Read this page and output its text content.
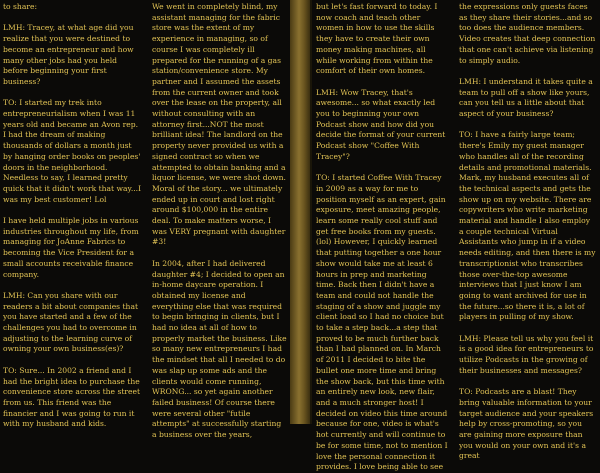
to share:

LMH: Tracey, at what age did you realize that you were destined to become an entrepreneur and how many other jobs had you held before beginning your first business?

TO: I started my trek into entrepreneurialism when I was 11 years old and became an Avon rep. I had the dream of making thousands of dollars a month just by hanging order books on peoples' doors in the neighborhood. Needless to say, I learned pretty quick that it didn't work that way...I was my best customer! Lol

I have held multiple jobs in various industries throughout my life, from managing for JoAnne Fabrics to becoming the Vice President for a small accounts receivable finance company.

LMH: Can you share with our readers a bit about companies that you have started and a few of the challenges you had to overcome in adjusting to the learning curve of owning your own business(es)?

TO: Sure... In 2002 a friend and I had the bright idea to purchase the convenience store across the street from us. This friend was the financier and I was going to run it with my husband and kids.

We went in completely blind, my assistant managing for the fabric store was the extent of my experience in managing, so of course I was completely ill prepared for the running of a gas station/convenience store. My partner and I assumed the assets from the current owner and took over the lease on the property, all without consulting with an attorney first...NOT the most brilliant idea! The landlord on the property never provided us with a signed contract so when we attempted to obtain banking and a liquor license, we were shot down. Moral of the story... we ultimately ended up in court and lost right around $100,000 in the entire deal. To make matters worse, I was VERY pregnant with daughter #3!

In 2004, after I had delivered daughter #4; I decided to open an in-home daycare operation. I obtained my license and everything else that was required to begin bringing in clients, but I had no idea at all of how to properly market the business. Like so many new entrepreneurs I had the mindset that all I needed to do was slap up some ads and the clients would come running, WRONG... so yet again another failed business! Of course there were several other "futile attempts" at successfully starting a business over the years,

but let's fast forward to today. I now coach and teach other women in how to use the skills they have to create their own money making machines, all while working from within the comfort of their own homes.

LMH: Wow Tracey, that's awesome... so what exactly led you to beginning your own Podcast show and how did you decide the format of your current Podcast show "Coffee With Tracey"?

TO: I started Coffee With Tracey in 2009 as a way for me to position myself as an expert, gain exposure, meet amazing people, learn some really cool stuff and get free books from my guests. (lol) However, I quickly learned that putting together a one hour show would take me at least 6 hours in prep and marketing time. Back then I didn't have a team and could not handle the staging of a show and juggle my client load so I had no choice but to take a step back...a step that proved to be much further back than I had planned on. In March of 2011 I decided to bite the bullet one more time and bring the show back, but this time with an entirely new look, new flair, and a much stronger host! I decided on video this time around because for one, video is what's hot currently and will continue to be for some time, not to mention I love the personal connection it provides. I love being able to see

the expressions only guests faces as they share their stories...and so too does the audience members. Video creates that deep connection that one can't achieve via listening to simply audio.

LMH: I understand it takes quite a team to pull off a show like yours, can you tell us a little about that aspect of your business?

TO: I have a fairly large team; there's Emily my guest manager who handles all of the recording details and promotional materials. Mark, my husband executes all of the technical aspects and gets the show up on my website. There are copywriters who write marketing material and handle I also employ a couple technical Virtual Assistants who jump in if a video needs editing, and then there is my transcriptionist who transcribes those over-the-top awesome interviews that I just know I am going to want archived for use in the future...so there it is, a lot of players in pulling of my show.

LMH: Please tell us why you feel it is a good idea for entrepreneurs to utilize Podcasts in the growing of their businesses and messages?

TO: Podcasts are a blast! They bring valuable information to your target audience and your speakers help by cross-promoting, so you are gaining more exposure than you would on your own and it's a great
